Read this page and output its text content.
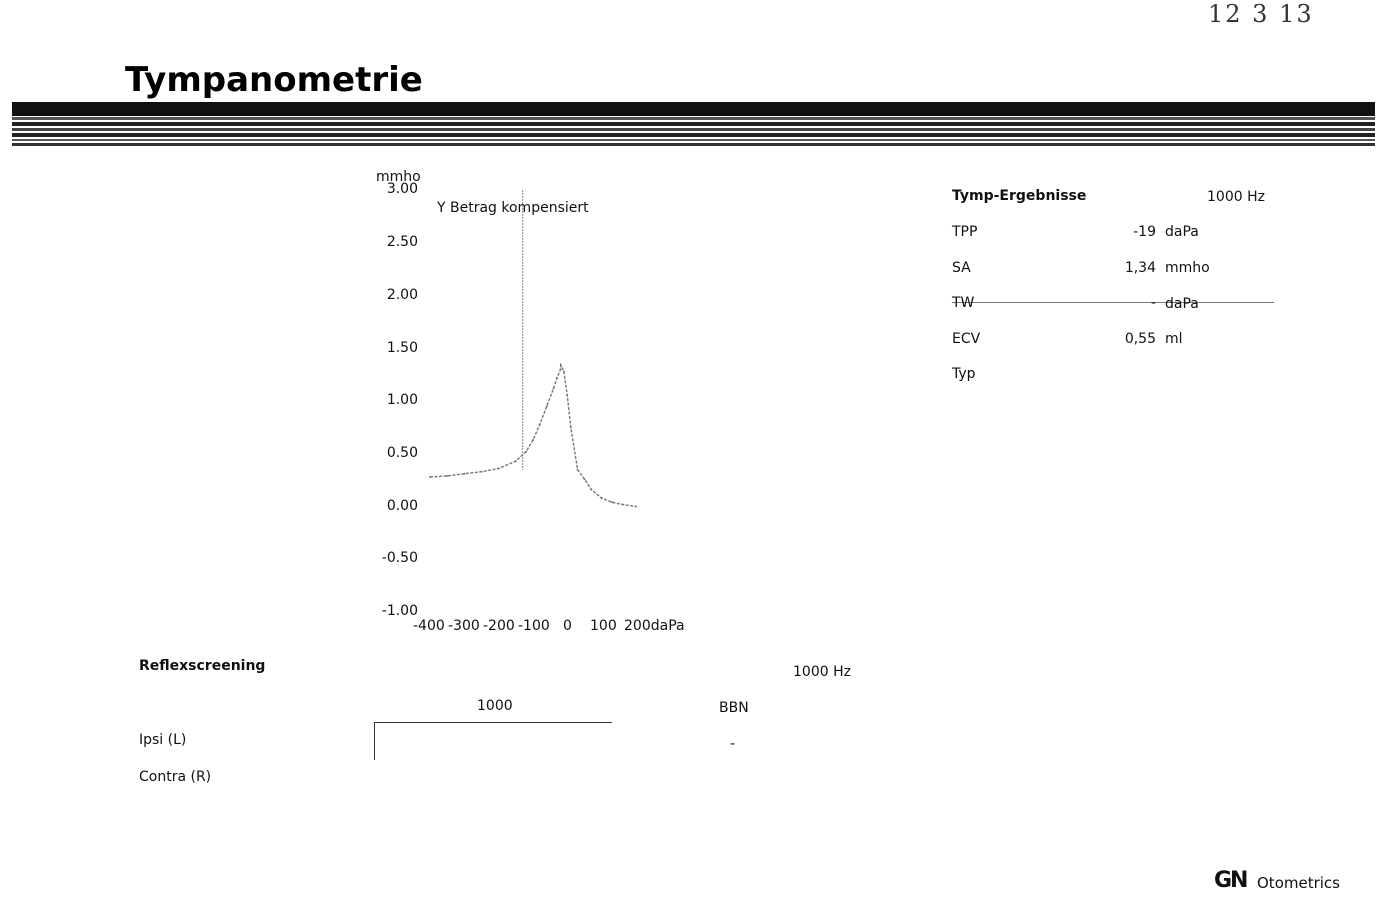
12 3 13
Tympanometrie
mmho
Y Betrag kompensiert
3.00
2.50
2.00
1.50
1.00
0.50
0.00
-0.50
-1.00
-400 -300 -200 -100 0 100 200daPa
Tymp-Ergebnisse	1000 Hz
TPP	-19 daPa
SA	1,34 mmho
TW	- daPa
ECV	0,55 ml
Typ
Reflexscreening	1000 Hz
1000	BBN
Ipsi (L)	-
Contra (R)
GN Otometrics
